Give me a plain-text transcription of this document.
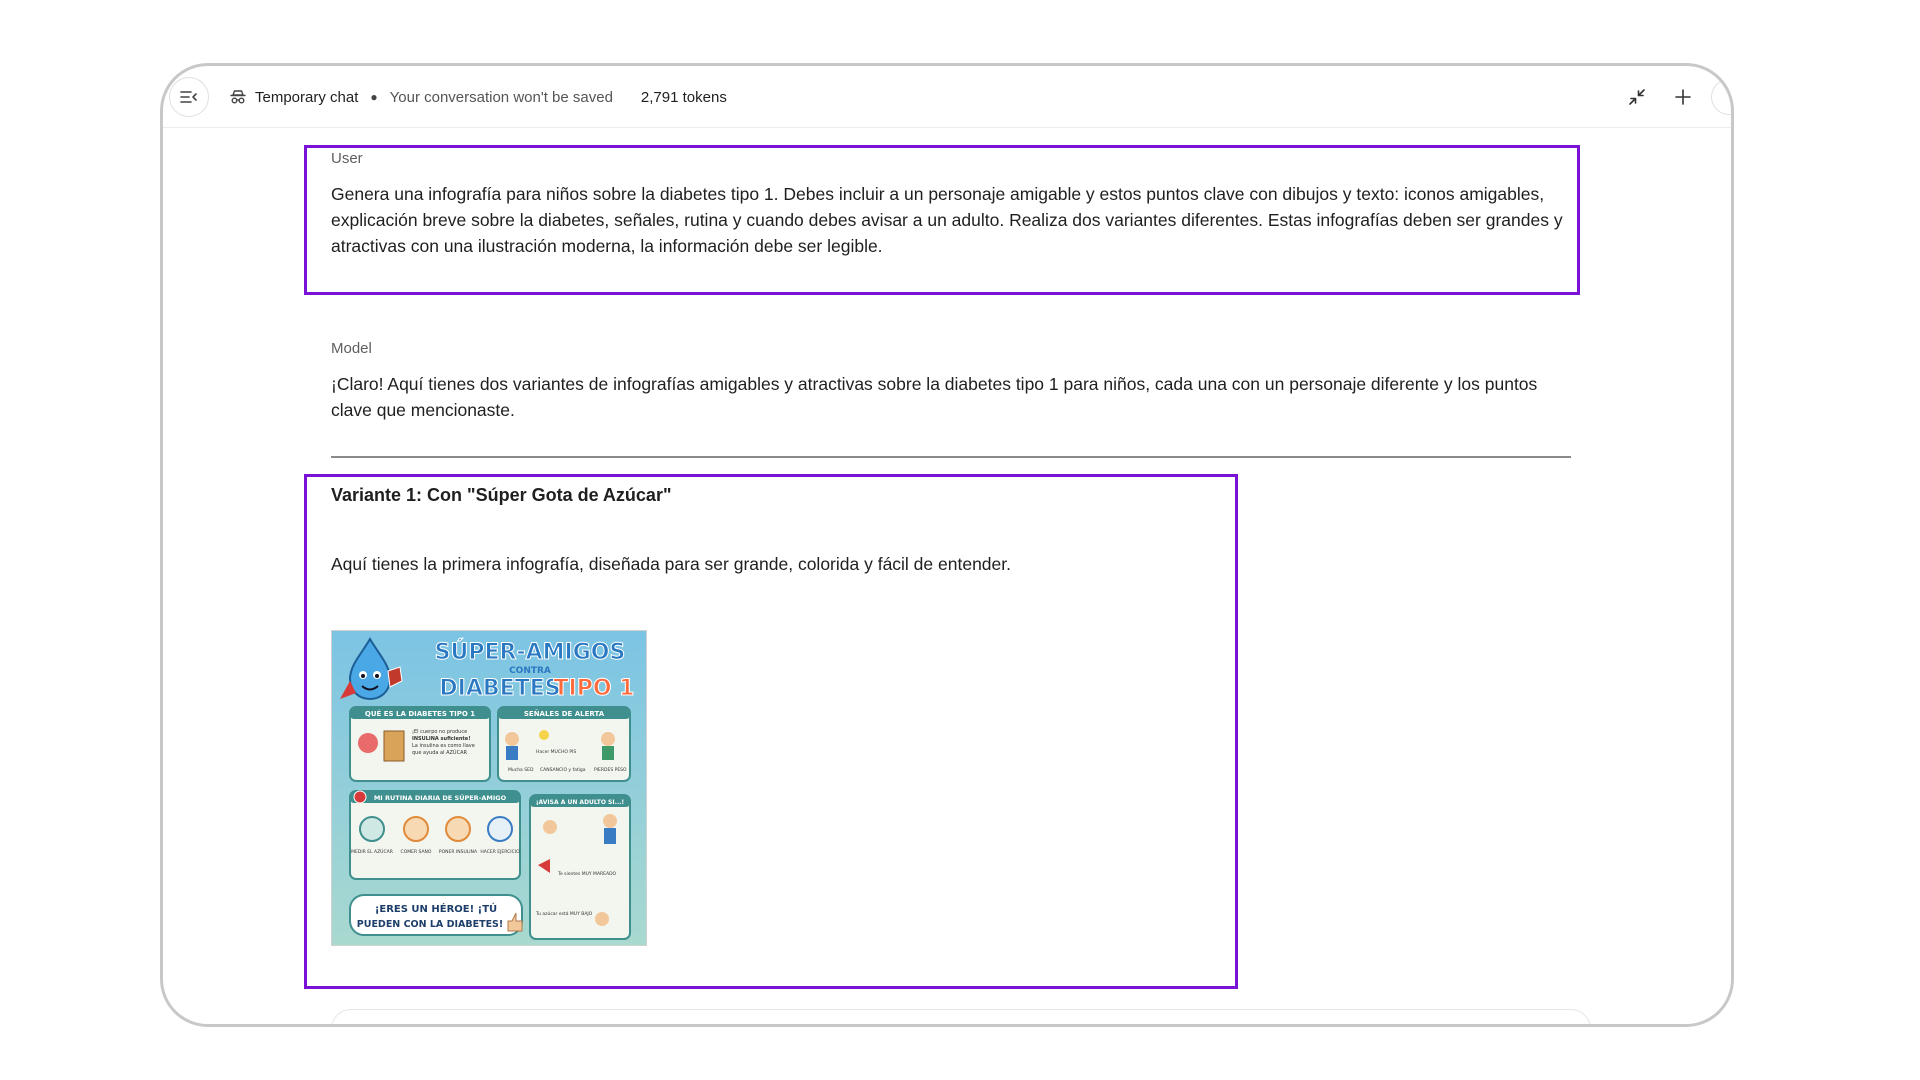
Temporary chat ● Your conversation won't be saved 2,791 tokens
User
Genera una infografía para niños sobre la diabetes tipo 1. Debes incluir a un personaje amigable y estos puntos clave con dibujos y texto: iconos amigables, explicación breve sobre la diabetes, señales, rutina y cuando debes avisar a un adulto. Realiza dos variantes diferentes. Estas infografías deben ser grandes y atractivas con una ilustración moderna, la información debe ser legible.
Model
¡Claro! Aquí tienes dos variantes de infografías amigables y atractivas sobre la diabetes tipo 1 para niños, cada una con un personaje diferente y los puntos clave que mencionaste.
Variante 1: Con "Súper Gota de Azúcar"
Aquí tienes la primera infografía, diseñada para ser grande, colorida y fácil de entender.
SÚPER-AMIGOS
CONTRA
DIABETES
TIPO 1
QUÉ ES LA DIABETES TIPO 1
¡El cuerpo no produce
INSULINA suficiente!
La insulina es como llave
que ayuda al AZÚCAR
SEÑALES DE ALERTA
Mucha SED
Hacer MUCHO PIS
CANSANCIO y fatiga PIERDES PESO
MI RUTINA DIARIA DE SÚPER-AMIGO
MEDIR EL AZÚCAR COMER SANO PONER INSULINA HACER EJERCICIO
¡AVISA A UN ADULTO SI...!
Te sientes MUY MAREADO
Tu azúcar está MUY BAJO
¡ERES UN HÉROE! ¡TÚ
PUEDEN CON LA DIABETES!
